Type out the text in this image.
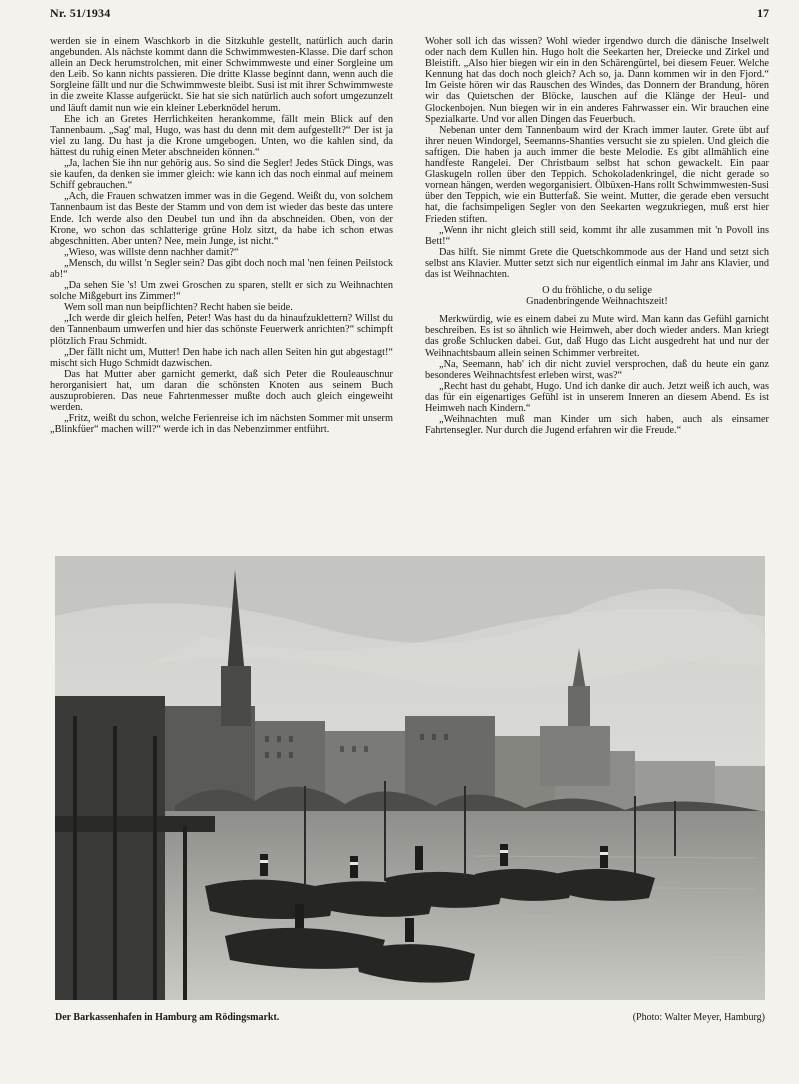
Nr. 51/1934	17

werden sie in einem Waschkorb in die Sitzkuhle gestellt, natürlich auch darin angebunden. Als nächste kommt dann die Schwimmwesten-Klasse. Die darf schon allein an Deck herumstrolchen, mit einer Schwimmweste und einer Sorgleine um den Leib. So kann nichts passieren. Die dritte Klasse beginnt dann, wenn auch die Sorgleine fällt und nur die Schwimmweste bleibt. Susi ist mit ihrer Schwimmweste in die zweite Klasse aufgerückt. Sie hat sie sich natürlich auch sofort umgezunzelt und läuft damit nun wie ein kleiner Leberknödel herum.

Ehe ich an Gretes Herrlichkeiten herankomme, fällt mein Blick auf den Tannenbaum. „Sag' mal, Hugo, was hast du denn mit dem aufgestellt?“ Der ist ja viel zu lang. Du hast ja die Krone umgebogen. Unten, wo die kahlen sind, da hättest du ruhig einen Meter abschneiden können.“

„Ja, lachen Sie ihn nur gehörig aus. So sind die Segler! Jedes Stück Dings, was sie kaufen, da denken sie immer gleich: wie kann ich das noch einmal auf meinem Schiff gebrauchen.“

„Ach, die Frauen schwatzen immer was in die Gegend. Weißt du, von solchem Tannenbaum ist das Beste der Stamm und von dem ist wieder das beste das untere Ende. Ich werde also den Deubel tun und ihn da abschneiden. Oben, von der Krone, wo schon das schlatterige grüne Holz sitzt, da habe ich schon etwas abgeschnitten. Aber unten? Nee, mein Junge, ist nicht.“

„Wieso, was willste denn nachher damit?“

„Mensch, du willst 'n Segler sein? Das gibt doch noch mal 'nen feinen Peilstock ab!“

„Da sehen Sie 's! Um zwei Groschen zu sparen, stellt er sich zu Weihnachten solche Mißgeburt ins Zimmer!“

Wem soll man nun beipflichten? Recht haben sie beide.

„Ich werde dir gleich helfen, Peter! Was hast du da hinaufzuklettern? Willst du den Tannenbaum umwerfen und hier das schönste Feuerwerk anrichten?“ schimpft plötzlich Frau Schmidt.

„Der fällt nicht um, Mutter! Den habe ich nach allen Seiten hin gut abgestagt!“ mischt sich Hugo Schmidt dazwischen.

Das hat Mutter aber garnicht gemerkt, daß sich Peter die Rouleauschnur herorganisiert hat, um daran die schönsten Knoten aus seinem Buch auszuprobieren. Das neue Fahrtenmesser mußte doch auch gleich eingeweiht werden.

„Fritz, weißt du schon, welche Ferienreise ich im nächsten Sommer mit unserm „Blinkfüer“ machen will?“ werde ich in das Nebenzimmer entführt.

Woher soll ich das wissen? Wohl wieder irgendwo durch die dänische Inselwelt oder nach dem Kullen hin. Hugo holt die Seekarten her, Dreiecke und Zirkel und Bleistift. „Also hier biegen wir ein in den Schärengürtel, bei diesem Feuer. Welche Kennung hat das doch noch gleich? Ach so, ja. Dann kommen wir in den Fjord.“ Im Geiste hören wir das Rauschen des Windes, das Donnern der Brandung, hören wir das Quietschen der Blöcke, lauschen auf die Klänge der Heul- und Glockenbojen. Nun biegen wir in ein anderes Fahrwasser ein. Wir brauchen eine Spezialkarte. Und vor allen Dingen das Feuerbuch.

Nebenan unter dem Tannenbaum wird der Krach immer lauter. Grete übt auf ihrer neuen Windorgel, Seemanns-Shanties versucht sie zu spielen. Und gleich die saftigen. Die haben ja auch immer die beste Melodie. Es gibt allmählich eine handfeste Rangelei. Der Christbaum selbst hat schon gewackelt. Ein paar Glaskugeln rollen über den Teppich. Schokoladenkringel, die nicht gerade so vornean hängen, werden wegorganisiert. Ölbüxen-Hans rollt Schwimmwesten-Susi über den Teppich, wie ein Butterfaß. Sie weint. Mutter, die gerade eben versucht hat, die fachsimpeligen Segler von den Seekarten wegzukriegen, muß erst hier Frieden stiften.

„Wenn ihr nicht gleich still seid, kommt ihr alle zusammen mit 'n Povoll ins Bett!“

Das hilft. Sie nimmt Grete die Quetschkommode aus der Hand und setzt sich selbst ans Klavier. Mutter setzt sich nur eigentlich einmal im Jahr ans Klavier, und das ist Weihnachten.

O du fröhliche, o du selige
Gnadenbringende Weihnachtszeit!

Merkwürdig, wie es einem dabei zu Mute wird. Man kann das Gefühl garnicht beschreiben. Es ist so ähnlich wie Heimweh, aber doch wieder anders. Man kriegt das große Schlucken dabei. Gut, daß Hugo das Licht ausgedreht hat und nur der Weihnachtsbaum allein seinen Schimmer verbreitet.

„Na, Seemann, hab' ich dir nicht zuviel versprochen, daß du heute ein ganz besonderes Weihnachtsfest erleben wirst, was?“

„Recht hast du gehabt, Hugo. Und ich danke dir auch. Jetzt weiß ich auch, was das für ein eigenartiges Gefühl ist in unserem Inneren an diesem Abend. Es ist Heimweh nach Kindern.“

„Weihnachten muß man Kinder um sich haben, auch als einsamer Fahrtensegler. Nur durch die Jugend erfahren wir die Freude.“

Der Barkassenhafen in Hamburg am Rödingsmarkt.	(Photo: Walter Meyer, Hamburg)
